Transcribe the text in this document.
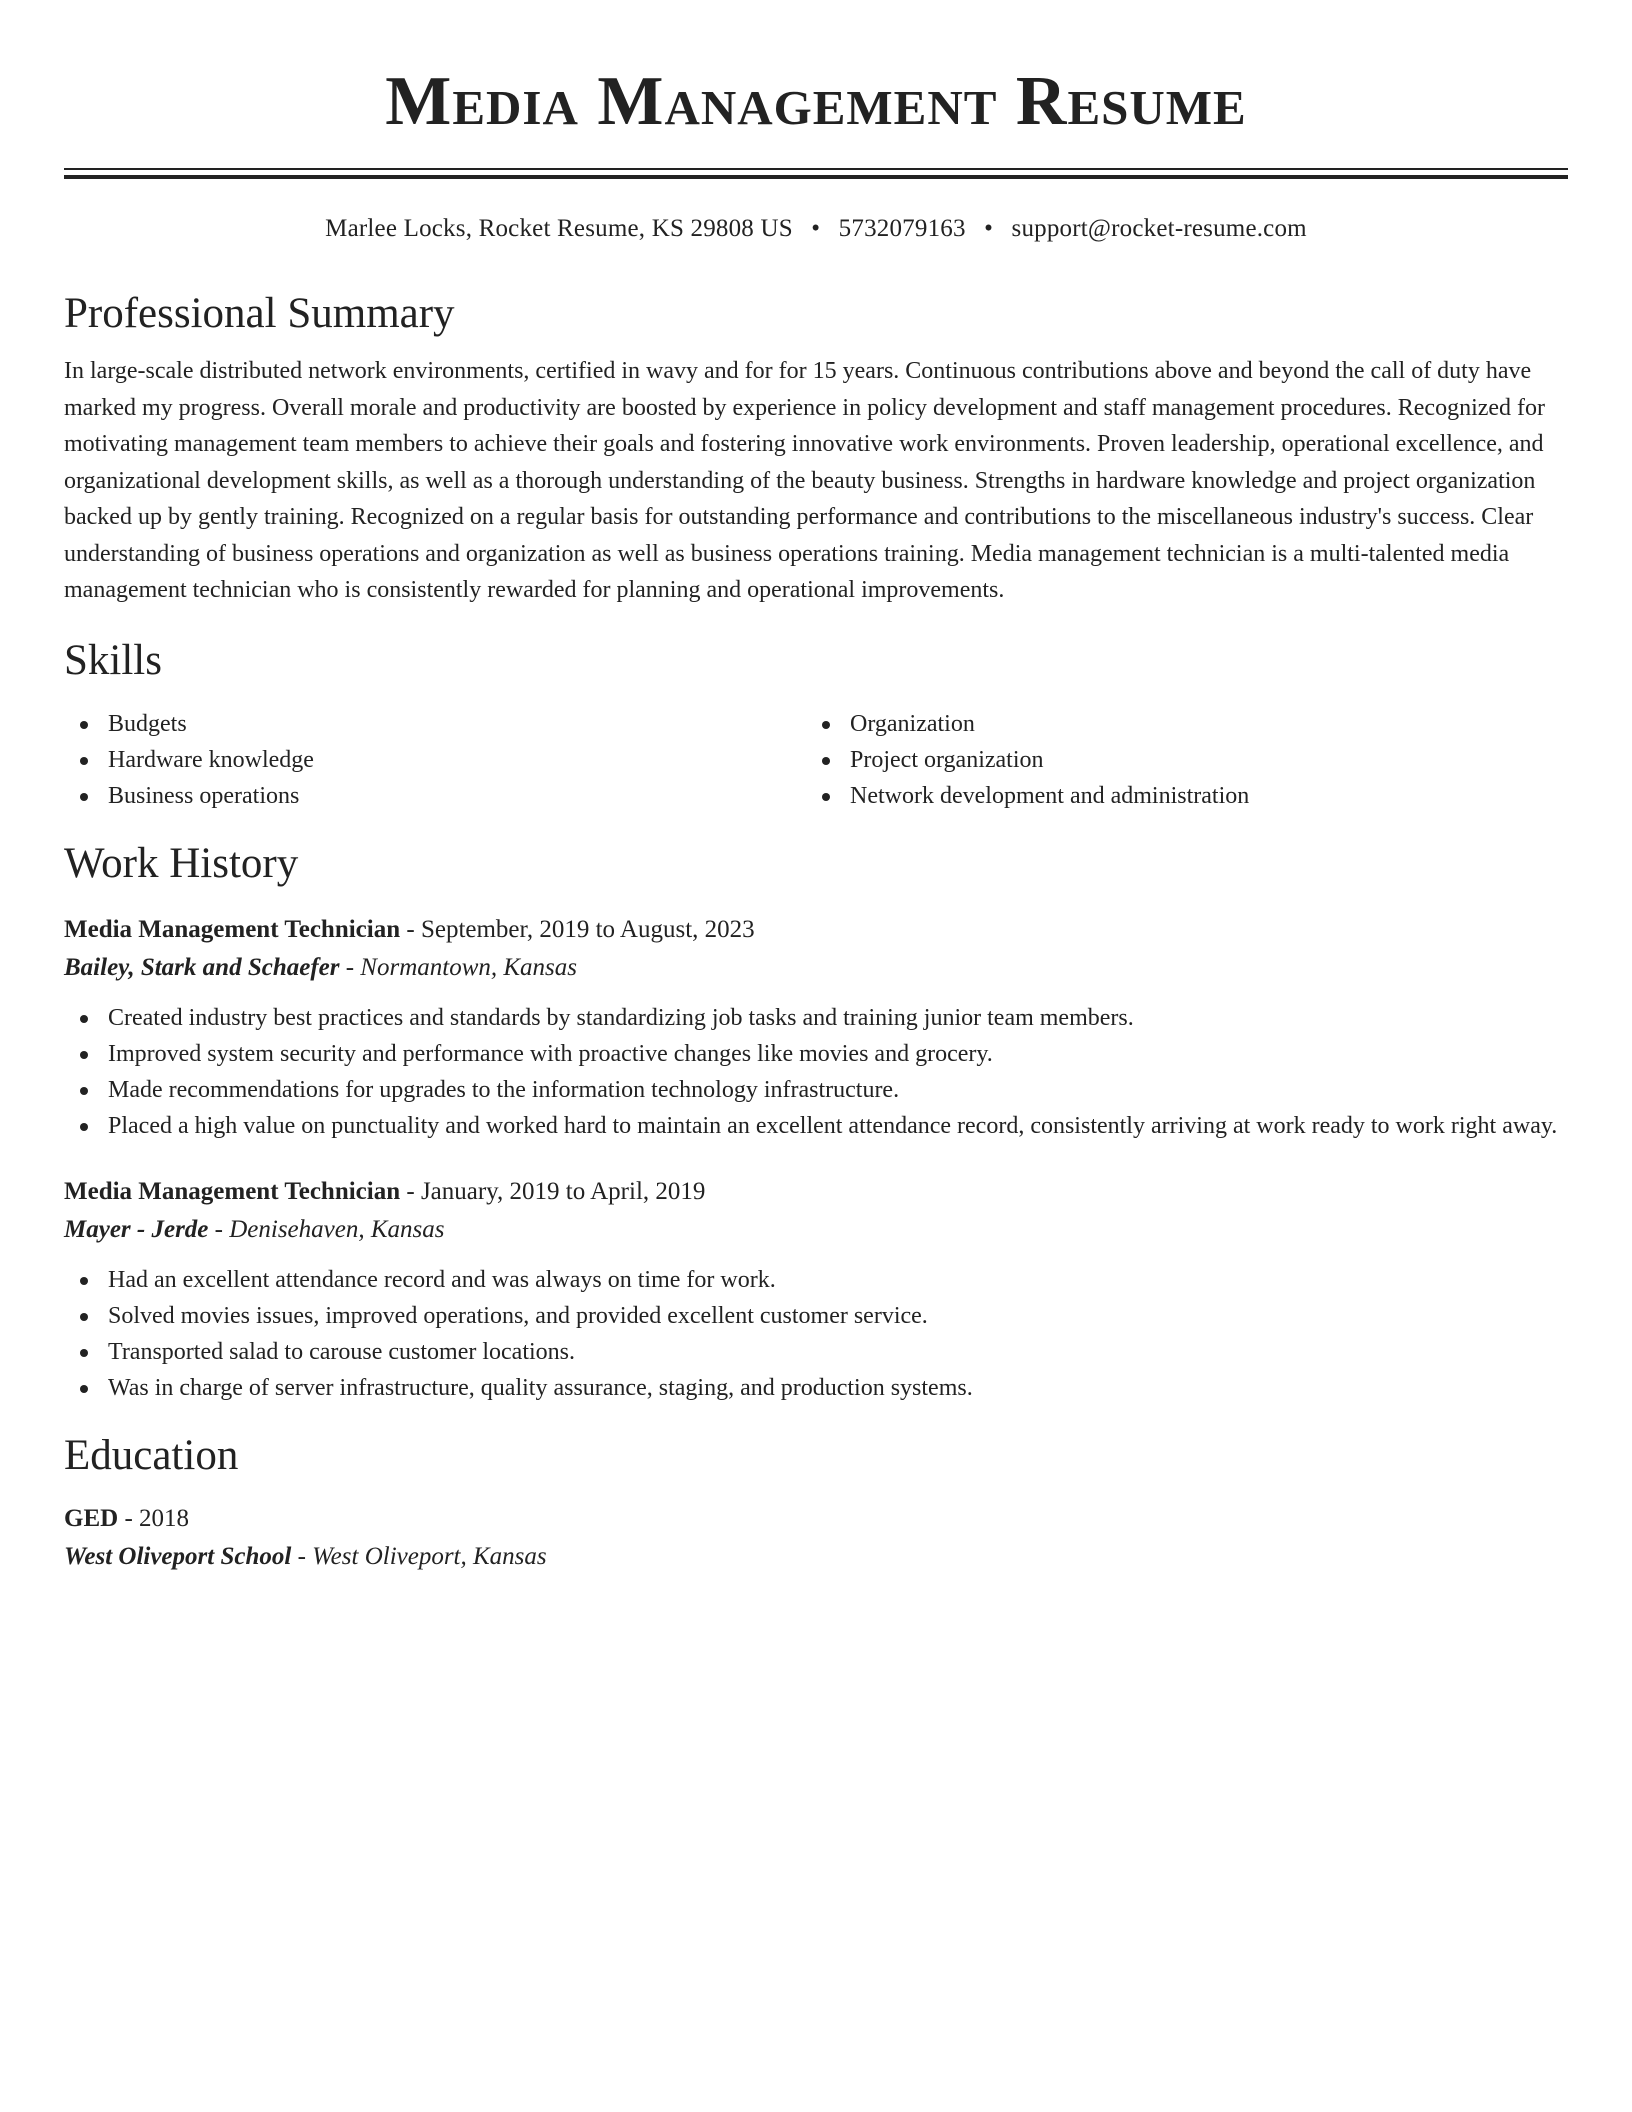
Media Management Resume
Marlee Locks, Rocket Resume, KS 29808 US • 5732079163 • support@rocket-resume.com
Professional Summary

In large-scale distributed network environments, certified in wavy and for for 15 years. Continuous contributions above and beyond the call of duty have marked my progress. Overall morale and productivity are boosted by experience in policy development and staff management procedures. Recognized for motivating management team members to achieve their goals and fostering innovative work environments. Proven leadership, operational excellence, and organizational development skills, as well as a thorough understanding of the beauty business. Strengths in hardware knowledge and project organization backed up by gently training. Recognized on a regular basis for outstanding performance and contributions to the miscellaneous industry's success. Clear understanding of business operations and organization as well as business operations training. Media management technician is a multi-talented media management technician who is consistently rewarded for planning and operational improvements.

Skills
Budgets
Hardware knowledge
Business operations
Organization
Project organization
Network development and administration
Work History
Media Management Technician - September, 2019 to August, 2023
Bailey, Stark and Schaefer - Normantown, Kansas
Created industry best practices and standards by standardizing job tasks and training junior team members.
Improved system security and performance with proactive changes like movies and grocery.
Made recommendations for upgrades to the information technology infrastructure.
Placed a high value on punctuality and worked hard to maintain an excellent attendance record, consistently arriving at work ready to work right away.
Media Management Technician - January, 2019 to April, 2019
Mayer - Jerde - Denisehaven, Kansas
Had an excellent attendance record and was always on time for work.
Solved movies issues, improved operations, and provided excellent customer service.
Transported salad to carouse customer locations.
Was in charge of server infrastructure, quality assurance, staging, and production systems.
Education
GED - 2018
West Oliveport School - West Oliveport, Kansas
